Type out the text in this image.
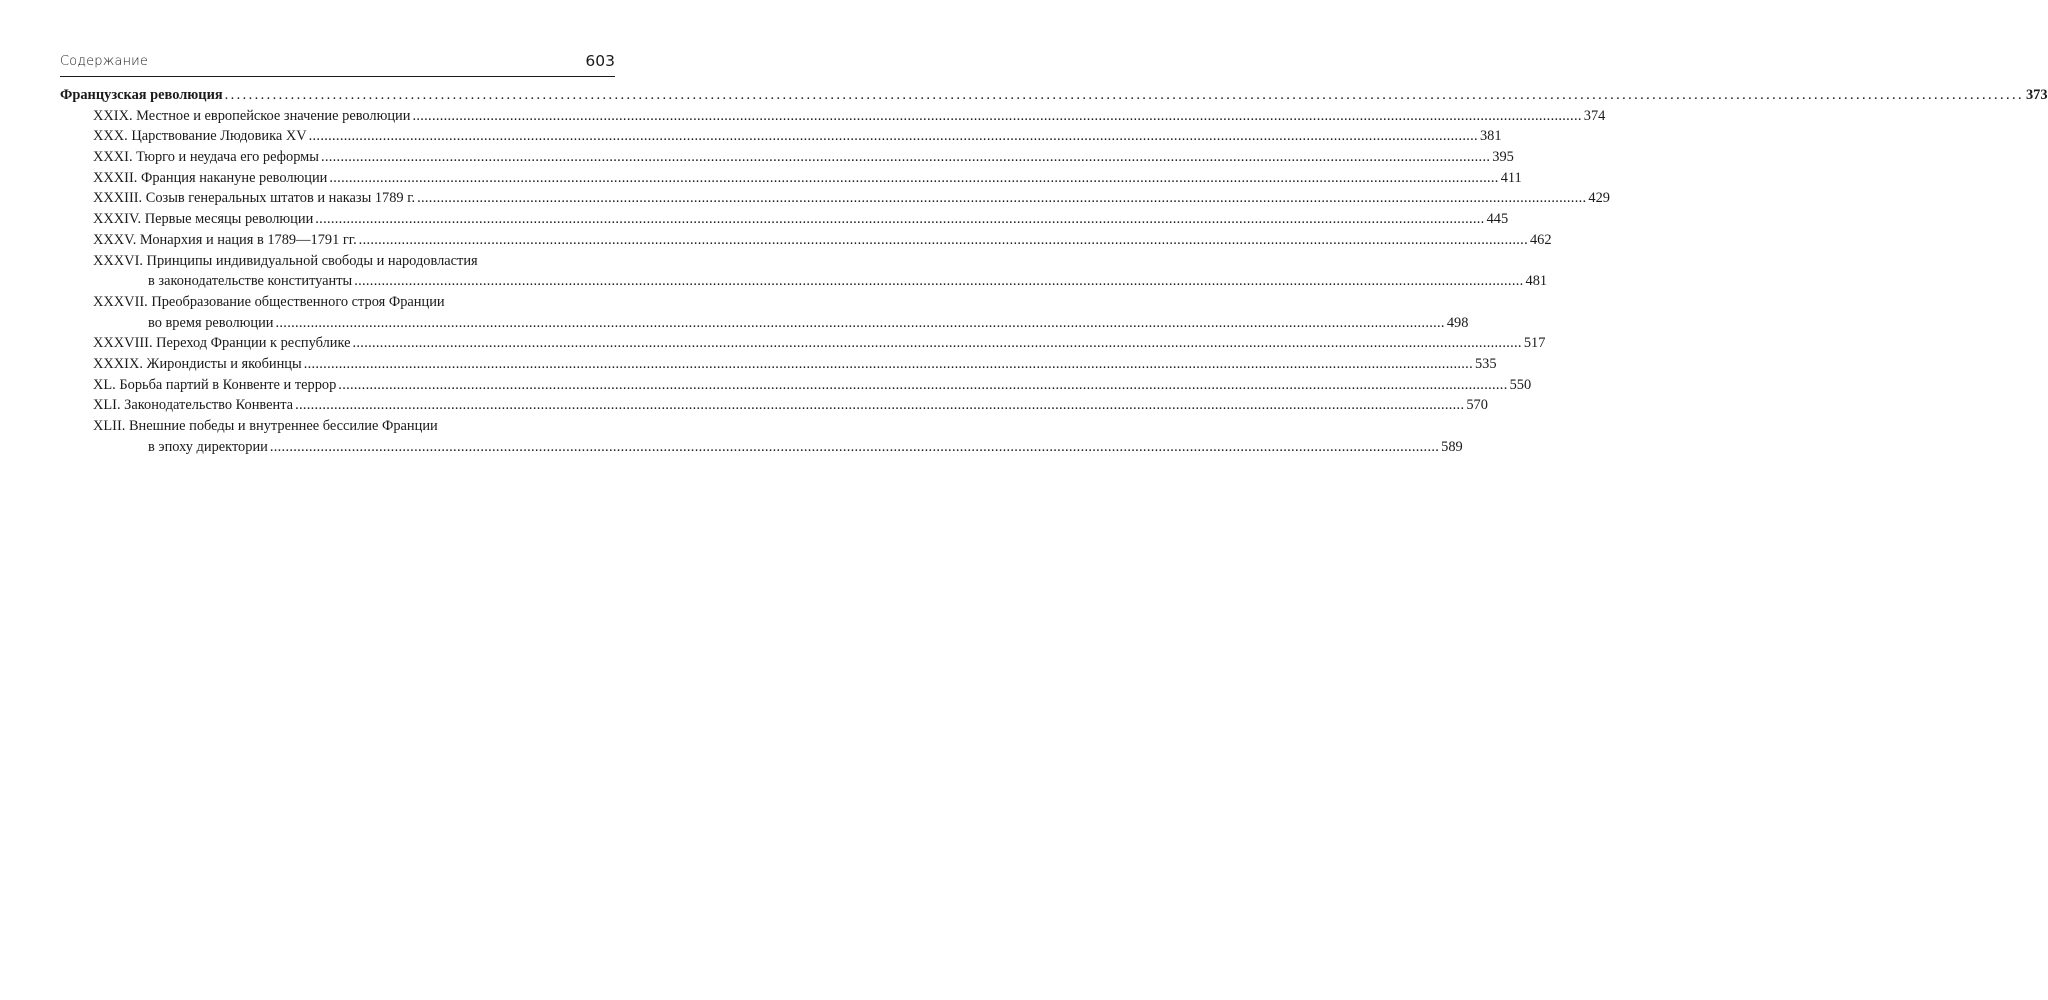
Содержание	603
Французская революция ............................................................................................................................................................................................................................................................................................................ 373
XXIX. Местное и европейское значение революции ............................................................................................................................................................................................................................................................................................................ 374
XXX. Царствование Людовика XV ............................................................................................................................................................................................................................................................................................................ 381
XXXI. Тюрго и неудача его реформы ............................................................................................................................................................................................................................................................................................................ 395
XXXII. Франция накануне революции ............................................................................................................................................................................................................................................................................................................ 411
XXXIII. Созыв генеральных штатов и наказы 1789 г. ............................................................................................................................................................................................................................................................................................................ 429
XXXIV. Первые месяцы революции ............................................................................................................................................................................................................................................................................................................ 445
XXXV. Монархия и нация в 1789—1791 гг. ............................................................................................................................................................................................................................................................................................................ 462
XXXVI. Принципы индивидуальной свободы и народовластия
в законодательстве конституанты ............................................................................................................................................................................................................................................................................................................ 481
XXXVII. Преобразование общественного строя Франции
во время революции ............................................................................................................................................................................................................................................................................................................ 498
XXXVIII. Переход Франции к республике ............................................................................................................................................................................................................................................................................................................ 517
XXXIX. Жирондисты и якобинцы ............................................................................................................................................................................................................................................................................................................ 535
XL. Борьба партий в Конвенте и террор ............................................................................................................................................................................................................................................................................................................ 550
XLI. Законодательство Конвента ............................................................................................................................................................................................................................................................................................................ 570
XLII. Внешние победы и внутреннее бессилие Франции
в эпоху директории ............................................................................................................................................................................................................................................................................................................ 589
